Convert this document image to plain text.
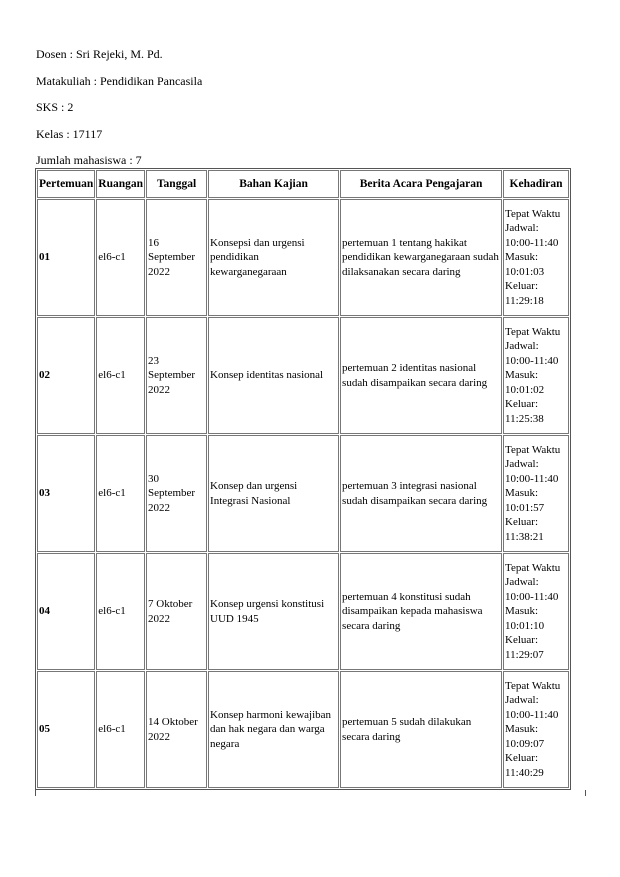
Dosen : Sri Rejeki, M. Pd.
Matakuliah : Pendidikan Pancasila
SKS : 2
Kelas : 17117
Jumlah mahasiswa : 7
Pertemuan	Ruangan	Tanggal	Bahan Kajian	Berita Acara Pengajaran	Kehadiran
01	el6-c1	16 September 2022	Konsepsi dan urgensi pendidikan kewarganegaraan	pertemuan 1 tentang hakikat pendidikan kewarganegaraan sudah dilaksanakan secara daring	Tepat Waktu
Jadwal: 10:00-11:40
Masuk: 10:01:03
Keluar: 11:29:18

02	el6-c1	23 September 2022	Konsep identitas nasional	pertemuan 2 identitas nasional sudah disampaikan secara daring	Tepat Waktu
Jadwal: 10:00-11:40
Masuk: 10:01:02
Keluar: 11:25:38

03	el6-c1	30 September 2022	Konsep dan urgensi Integrasi Nasional	pertemuan 3 integrasi nasional sudah disampaikan secara daring	Tepat Waktu
Jadwal: 10:00-11:40
Masuk: 10:01:57
Keluar: 11:38:21

04	el6-c1	7 Oktober 2022	Konsep urgensi konstitusi UUD 1945	pertemuan 4 konstitusi sudah disampaikan kepada mahasiswa secara daring	Tepat Waktu
Jadwal: 10:00-11:40
Masuk: 10:01:10
Keluar: 11:29:07

05	el6-c1	14 Oktober 2022	Konsep harmoni kewajiban dan hak negara dan warga negara	pertemuan 5 sudah dilakukan secara daring	Tepat Waktu
Jadwal: 10:00-11:40
Masuk: 10:09:07
Keluar: 11:40:29
